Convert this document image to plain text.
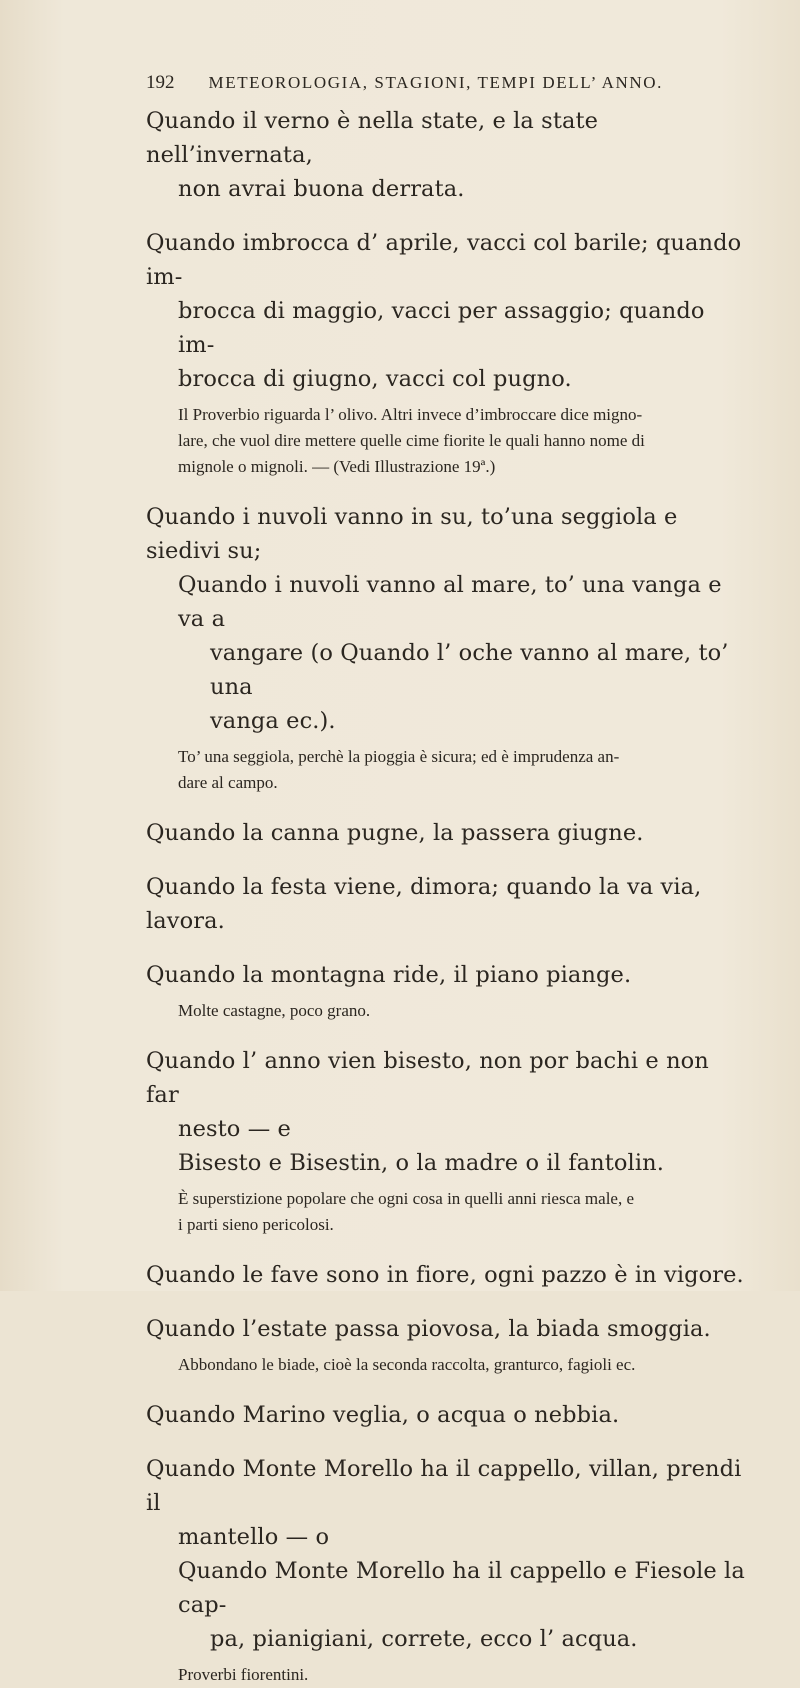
192 METEOROLOGIA, STAGIONI, TEMPI DELL’ ANNO.

Quando il verno è nella state, e la state nell’invernata,
non avrai buona derrata.

Quando imbrocca d’ aprile, vacci col barile; quando im-
brocca di maggio, vacci per assaggio; quando im-
brocca di giugno, vacci col pugno.

Il Proverbio riguarda l’ olivo. Altri invece d’imbroccare dice migno-
lare, che vuol dire mettere quelle cime fiorite le quali hanno nome di
mignole o mignoli. — (Vedi Illustrazione 19ª.)

Quando i nuvoli vanno in su, to’una seggiola e siedivi su;

Quando i nuvoli vanno al mare, to’ una vanga e va a
vangare (o Quando l’ oche vanno al mare, to’ una
vanga ec.).

To’ una seggiola, perchè la pioggia è sicura; ed è imprudenza an-
dare al campo.

Quando la canna pugne, la passera giugne.

Quando la festa viene, dimora; quando la va via, lavora.

Quando la montagna ride, il piano piange.

Molte castagne, poco grano.

Quando l’ anno vien bisesto, non por bachi e non far
nesto — e

Bisesto e Bisestin, o la madre o il fantolin.

È superstizione popolare che ogni cosa in quelli anni riesca male, e
i parti sieno pericolosi.

Quando le fave sono in fiore, ogni pazzo è in vigore.

Quando l’estate passa piovosa, la biada smoggia.

Abbondano le biade, cioè la seconda raccolta, granturco, fagioli ec.

Quando Marino veglia, o acqua o nebbia.

Quando Monte Morello ha il cappello, villan, prendi il
mantello — o

Quando Monte Morello ha il cappello e Fiesole la cap-
pa, pianigiani, correte, ecco l’ acqua.

Proverbi fiorentini.
